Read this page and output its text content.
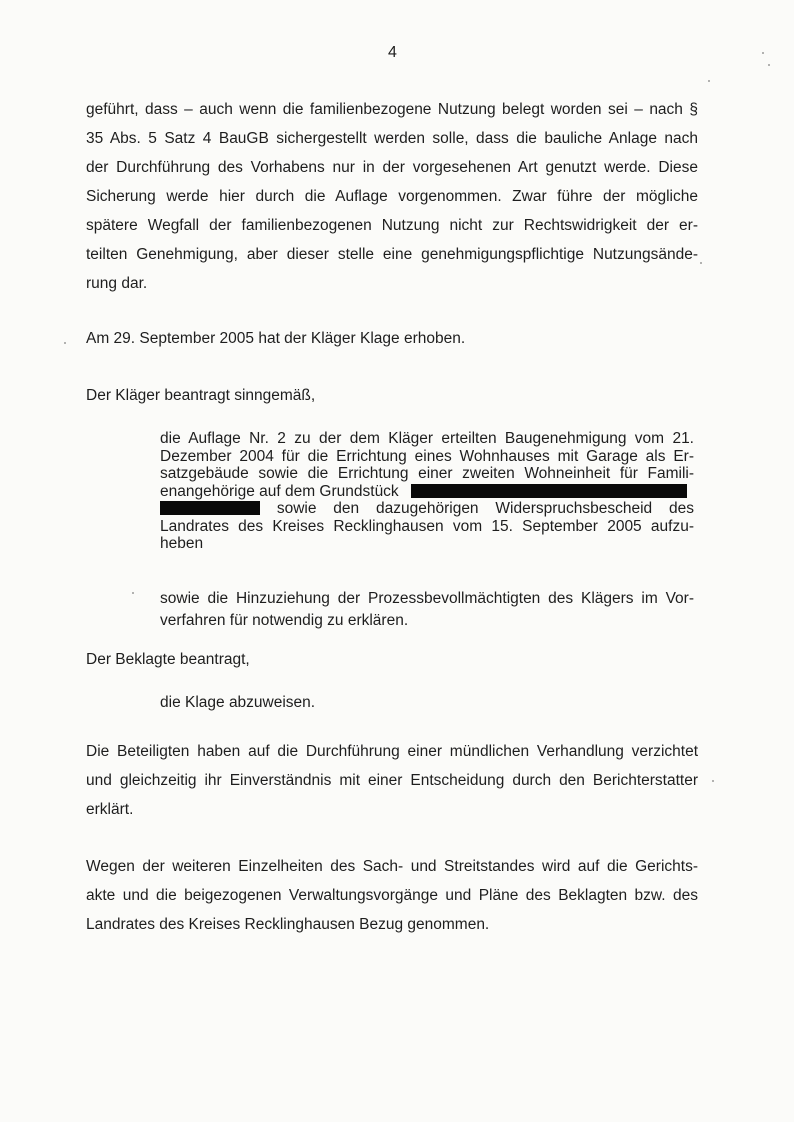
4
geführt, dass – auch wenn die familienbezogene Nutzung belegt worden sei – nach §
35 Abs. 5 Satz 4 BauGB sichergestellt werden solle, dass die bauliche Anlage nach
der Durchführung des Vorhabens nur in der vorgesehenen Art genutzt werde. Diese
Sicherung werde hier durch die Auflage vorgenommen. Zwar führe der mögliche
spätere Wegfall der familienbezogenen Nutzung nicht zur Rechtswidrigkeit der er-
teilten Genehmigung, aber dieser stelle eine genehmigungspflichtige Nutzungsände-
rung dar.
Am 29. September 2005 hat der Kläger Klage erhoben.
Der Kläger beantragt sinngemäß,
die Auflage Nr. 2 zu der dem Kläger erteilten Baugenehmigung vom 21.
Dezember 2004 für die Errichtung eines Wohnhauses mit Garage als Er-
satzgebäude sowie die Errichtung einer zweiten Wohneinheit für Famili-
enangehörige auf dem Grundstück
sowie den dazugehörigen Widerspruchsbescheid des
Landrates des Kreises Recklinghausen vom 15. September 2005 aufzu-
heben
sowie die Hinzuziehung der Prozessbevollmächtigten des Klägers im Vor-
verfahren für notwendig zu erklären.
Der Beklagte beantragt,
die Klage abzuweisen.
Die Beteiligten haben auf die Durchführung einer mündlichen Verhandlung verzichtet
und gleichzeitig ihr Einverständnis mit einer Entscheidung durch den Berichterstatter
erklärt.
Wegen der weiteren Einzelheiten des Sach- und Streitstandes wird auf die Gerichts-
akte und die beigezogenen Verwaltungsvorgänge und Pläne des Beklagten bzw. des
Landrates des Kreises Recklinghausen Bezug genommen.
